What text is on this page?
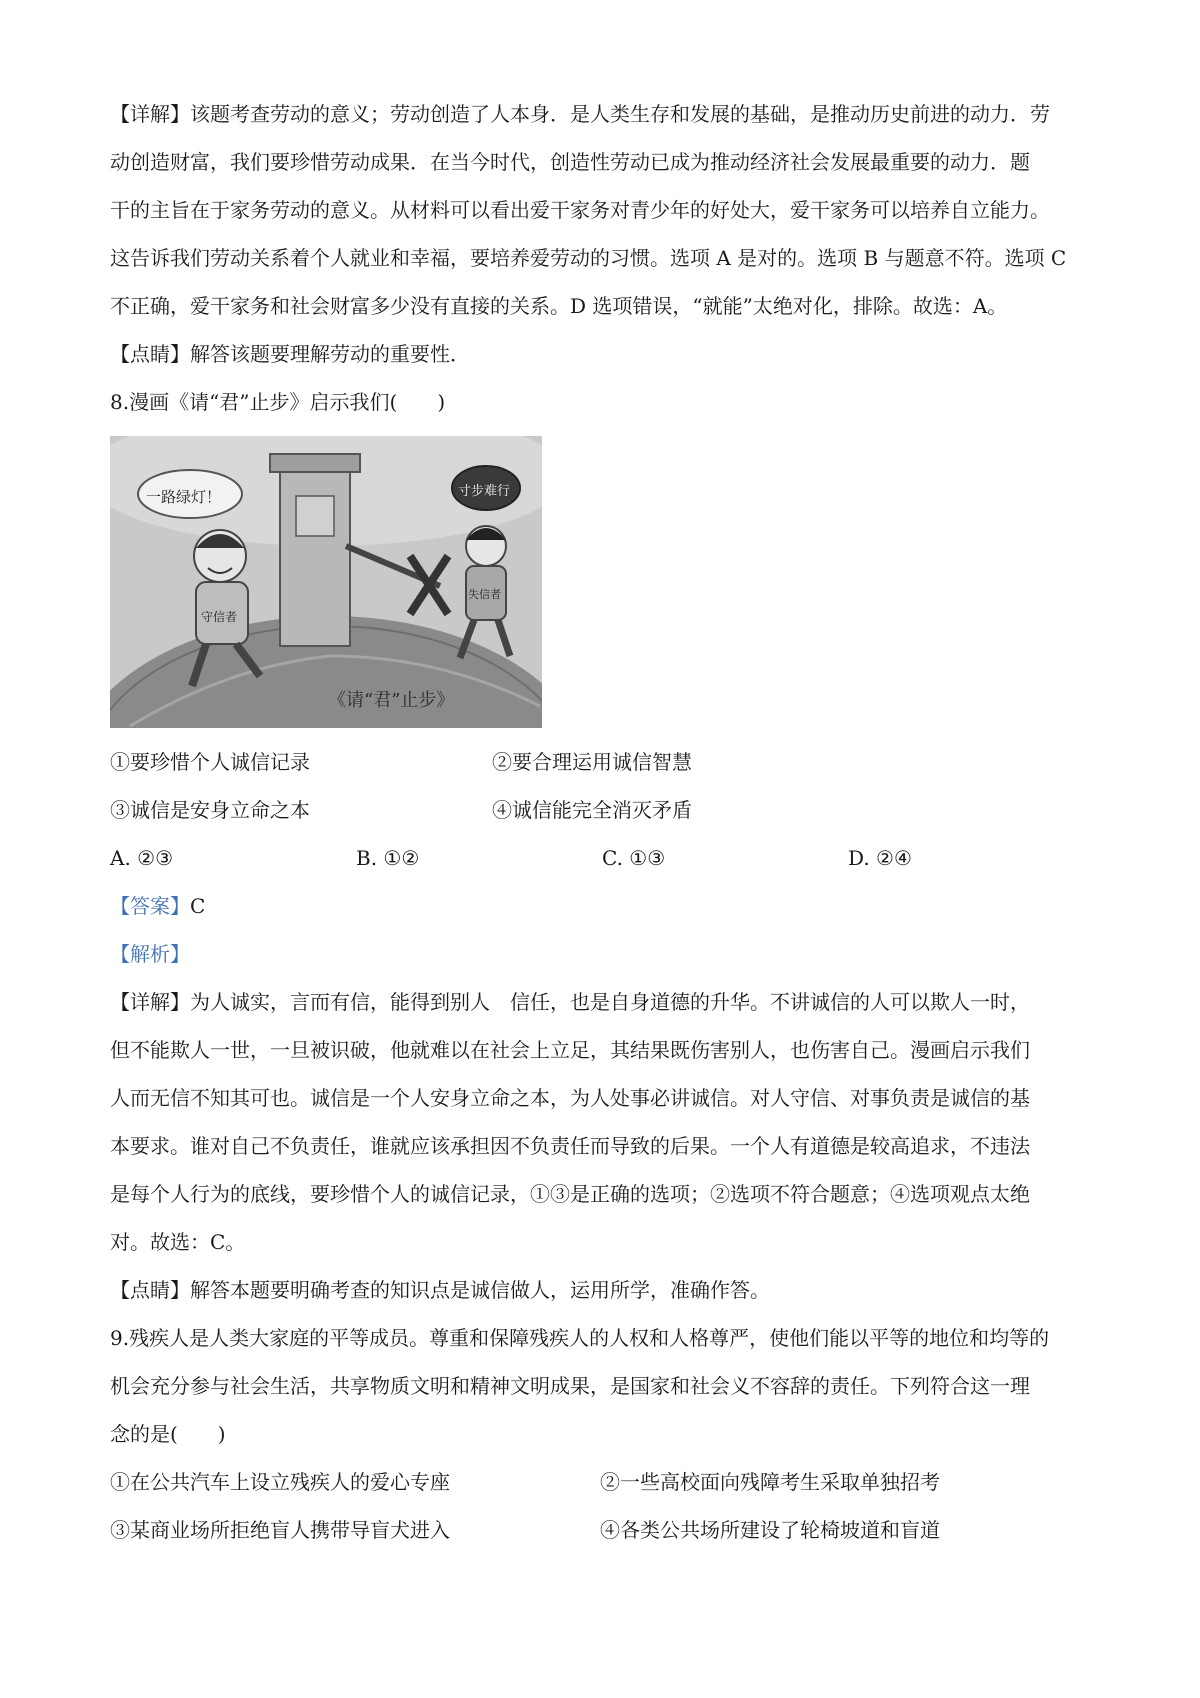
【详解】该题考查劳动的意义；劳动创造了人本身．是人类生存和发展的基础，是推动历史前进的动力．劳
动创造财富，我们要珍惜劳动成果．在当今时代，创造性劳动已成为推动经济社会发展最重要的动力．题
干的主旨在于家务劳动的意义。从材料可以看出爱干家务对青少年的好处大，爱干家务可以培养自立能力。
这告诉我们劳动关系着个人就业和幸福，要培养爱劳动的习惯。选项 A 是对的。选项 B 与题意不符。选项 C
不正确，爱干家务和社会财富多少没有直接的关系。D 选项错误，“就能”太绝对化，排除。故选：A。
【点睛】解答该题要理解劳动的重要性．
8.漫画《请“君”止步》启示我们(　　)
一路绿灯！	寸步难行
守信者
失信者
《请“君”止步》
①要珍惜个人诚信记录	②要合理运用诚信智慧
③诚信是安身立命之本	④诚信能完全消灭矛盾
A. ②③	B. ①②	C. ①③	D. ②④
【答案】C
【解析】
【详解】为人诚实，言而有信，能得到别人　信任，也是自身道德的升华。不讲诚信的人可以欺人一时，
但不能欺人一世，一旦被识破，他就难以在社会上立足，其结果既伤害别人，也伤害自己。漫画启示我们
人而无信不知其可也。诚信是一个人安身立命之本，为人处事必讲诚信。对人守信、对事负责是诚信的基
本要求。谁对自己不负责任，谁就应该承担因不负责任而导致的后果。一个人有道德是较高追求，不违法
是每个人行为的底线，要珍惜个人的诚信记录，①③是正确的选项；②选项不符合题意；④选项观点太绝
对。故选：C。
【点睛】解答本题要明确考查的知识点是诚信做人，运用所学，准确作答。
9.残疾人是人类大家庭的平等成员。尊重和保障残疾人的人权和人格尊严，使他们能以平等的地位和均等的
机会充分参与社会生活，共享物质文明和精神文明成果，是国家和社会义不容辞的责任。下列符合这一理
念的是(　　)
①在公共汽车上设立残疾人的爱心专座	②一些高校面向残障考生采取单独招考
③某商业场所拒绝盲人携带导盲犬进入	④各类公共场所建设了轮椅坡道和盲道
